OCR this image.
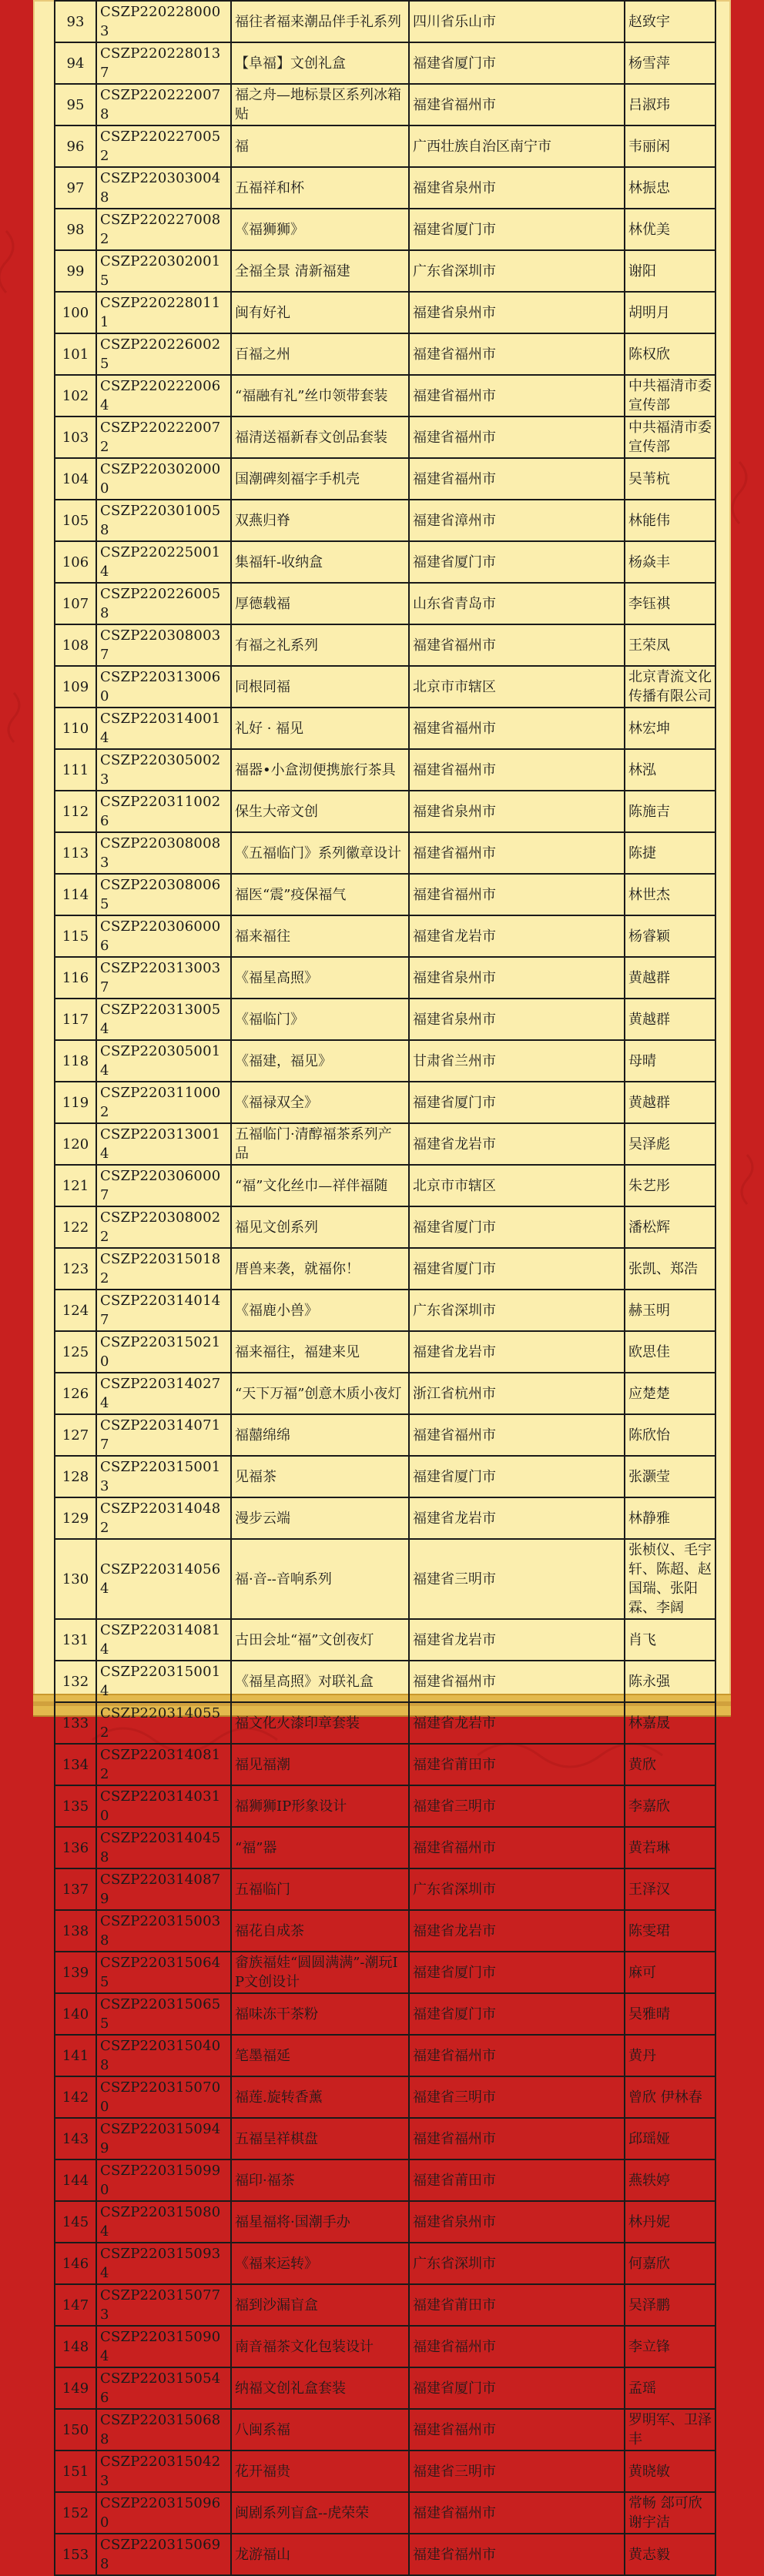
93	CSZP2202280003	福往者福来潮品伴手礼系列	四川省乐山市	赵致宇
94	CSZP2202280137	【阜福】文创礼盒	福建省厦门市	杨雪萍
95	CSZP2202220078	福之舟—地标景区系列冰箱贴	福建省福州市	吕淑玮
96	CSZP2202270052	福	广西壮族自治区南宁市	韦丽闲
97	CSZP2203030048	五福祥和杯	福建省泉州市	林振忠
98	CSZP2202270082	《福狮狮》	福建省厦门市	林优美
99	CSZP2203020015	全福全景 清新福建	广东省深圳市	谢阳
100	CSZP2202280111	闽有好礼	福建省泉州市	胡明月
101	CSZP2202260025	百福之州	福建省福州市	陈权欣
102	CSZP2202220064	“福融有礼”丝巾领带套装	福建省福州市	中共福清市委宣传部
103	CSZP2202220072	福清送福新春文创品套装	福建省福州市	中共福清市委宣传部
104	CSZP2203020000	国潮碑刻福字手机壳	福建省福州市	吴苇杭
105	CSZP2203010058	双燕归脊	福建省漳州市	林能伟
106	CSZP2202250014	集福轩-收纳盒	福建省厦门市	杨焱丰
107	CSZP2202260058	厚德载福	山东省青岛市	李钰祺
108	CSZP2203080037	有福之礼系列	福建省福州市	王荣凤
109	CSZP2203130060	同根同福	北京市市辖区	北京青流文化传播有限公司
110	CSZP2203140014	礼好 · 福见	福建省福州市	林宏坤
111	CSZP2203050023	福器•小盒沏便携旅行茶具	福建省福州市	林泓
112	CSZP2203110026	保生大帝文创	福建省泉州市	陈施吉
113	CSZP2203080083	《五福临门》系列徽章设计	福建省福州市	陈捷
114	CSZP2203080065	福医“震”疫保福气	福建省福州市	林世杰
115	CSZP2203060006	福来福往	福建省龙岩市	杨睿颖
116	CSZP2203130037	《福星高照》	福建省泉州市	黄越群
117	CSZP2203130054	《福临门》	福建省泉州市	黄越群
118	CSZP2203050014	《福建，福见》	甘肃省兰州市	母晴
119	CSZP2203110002	《福禄双全》	福建省厦门市	黄越群
120	CSZP2203130014	五福临门·清醇福茶系列产品	福建省龙岩市	吴泽彪
121	CSZP2203060007	“福”文化丝巾—祥伴福随	北京市市辖区	朱艺彤
122	CSZP2203080022	福见文创系列	福建省厦门市	潘松辉
123	CSZP2203150182	厝兽来袭，就福你！	福建省厦门市	张凯、郑浩
124	CSZP2203140147	《福鹿小兽》	广东省深圳市	赫玉明
125	CSZP2203150210	福来福往，福建来见	福建省龙岩市	欧思佳
126	CSZP2203140274	“天下万福”创意木质小夜灯	浙江省杭州市	应楚楚
127	CSZP2203140717	福囍绵绵	福建省福州市	陈欣怡
128	CSZP2203150013	见福茶	福建省厦门市	张灏莹
129	CSZP2203140482	漫步云端	福建省龙岩市	林静雅
130	CSZP2203140564	福·音--音响系列	福建省三明市	张桢仪、毛宇轩、陈超、赵国瑞、张阳霖、李阔
131	CSZP2203140814	古田会址“福”文创夜灯	福建省龙岩市	肖飞
132	CSZP2203150014	《福星高照》对联礼盒	福建省福州市	陈永强
133	CSZP2203140552	福文化火漆印章套装	福建省龙岩市	林嘉晟
134	CSZP2203140812	福见福潮	福建省莆田市	黄欣
135	CSZP2203140310	福狮狮IP形象设计	福建省三明市	李嘉欣
136	CSZP2203140458	“福”器	福建省福州市	黄若琳
137	CSZP2203140879	五福临门	广东省深圳市	王泽汉
138	CSZP2203150038	福花自成茶	福建省龙岩市	陈雯珺
139	CSZP2203150645	畲族福娃“圆圆满满”-潮玩IP文创设计	福建省厦门市	麻可
140	CSZP2203150655	福味冻干茶粉	福建省厦门市	吴雅晴
141	CSZP2203150408	笔墨福延	福建省福州市	黄丹
142	CSZP2203150700	福莲.旋转香薰	福建省三明市	曾欣 伊林春
143	CSZP2203150949	五福呈祥棋盘	福建省福州市	邱瑶娅
144	CSZP2203150990	福印·福茶	福建省莆田市	燕轶婷
145	CSZP2203150804	福星福将·国潮手办	福建省泉州市	林丹妮
146	CSZP2203150934	《福来运转》	广东省深圳市	何嘉欣
147	CSZP2203150773	福到沙漏盲盒	福建省莆田市	吴泽鹏
148	CSZP2203150904	南音福茶文化包装设计	福建省福州市	李立锋
149	CSZP2203150546	纳福文创礼盒套装	福建省厦门市	孟瑶
150	CSZP2203150688	八闽系福	福建省福州市	罗明军、卫泽丰
151	CSZP2203150423	花开福贵	福建省三明市	黄晓敏
152	CSZP2203150960	闽剧系列盲盒--虎荣荣	福建省福州市	常畅 郐可欣 谢宇洁
153	CSZP2203150698	龙游福山	福建省福州市	黄志毅
